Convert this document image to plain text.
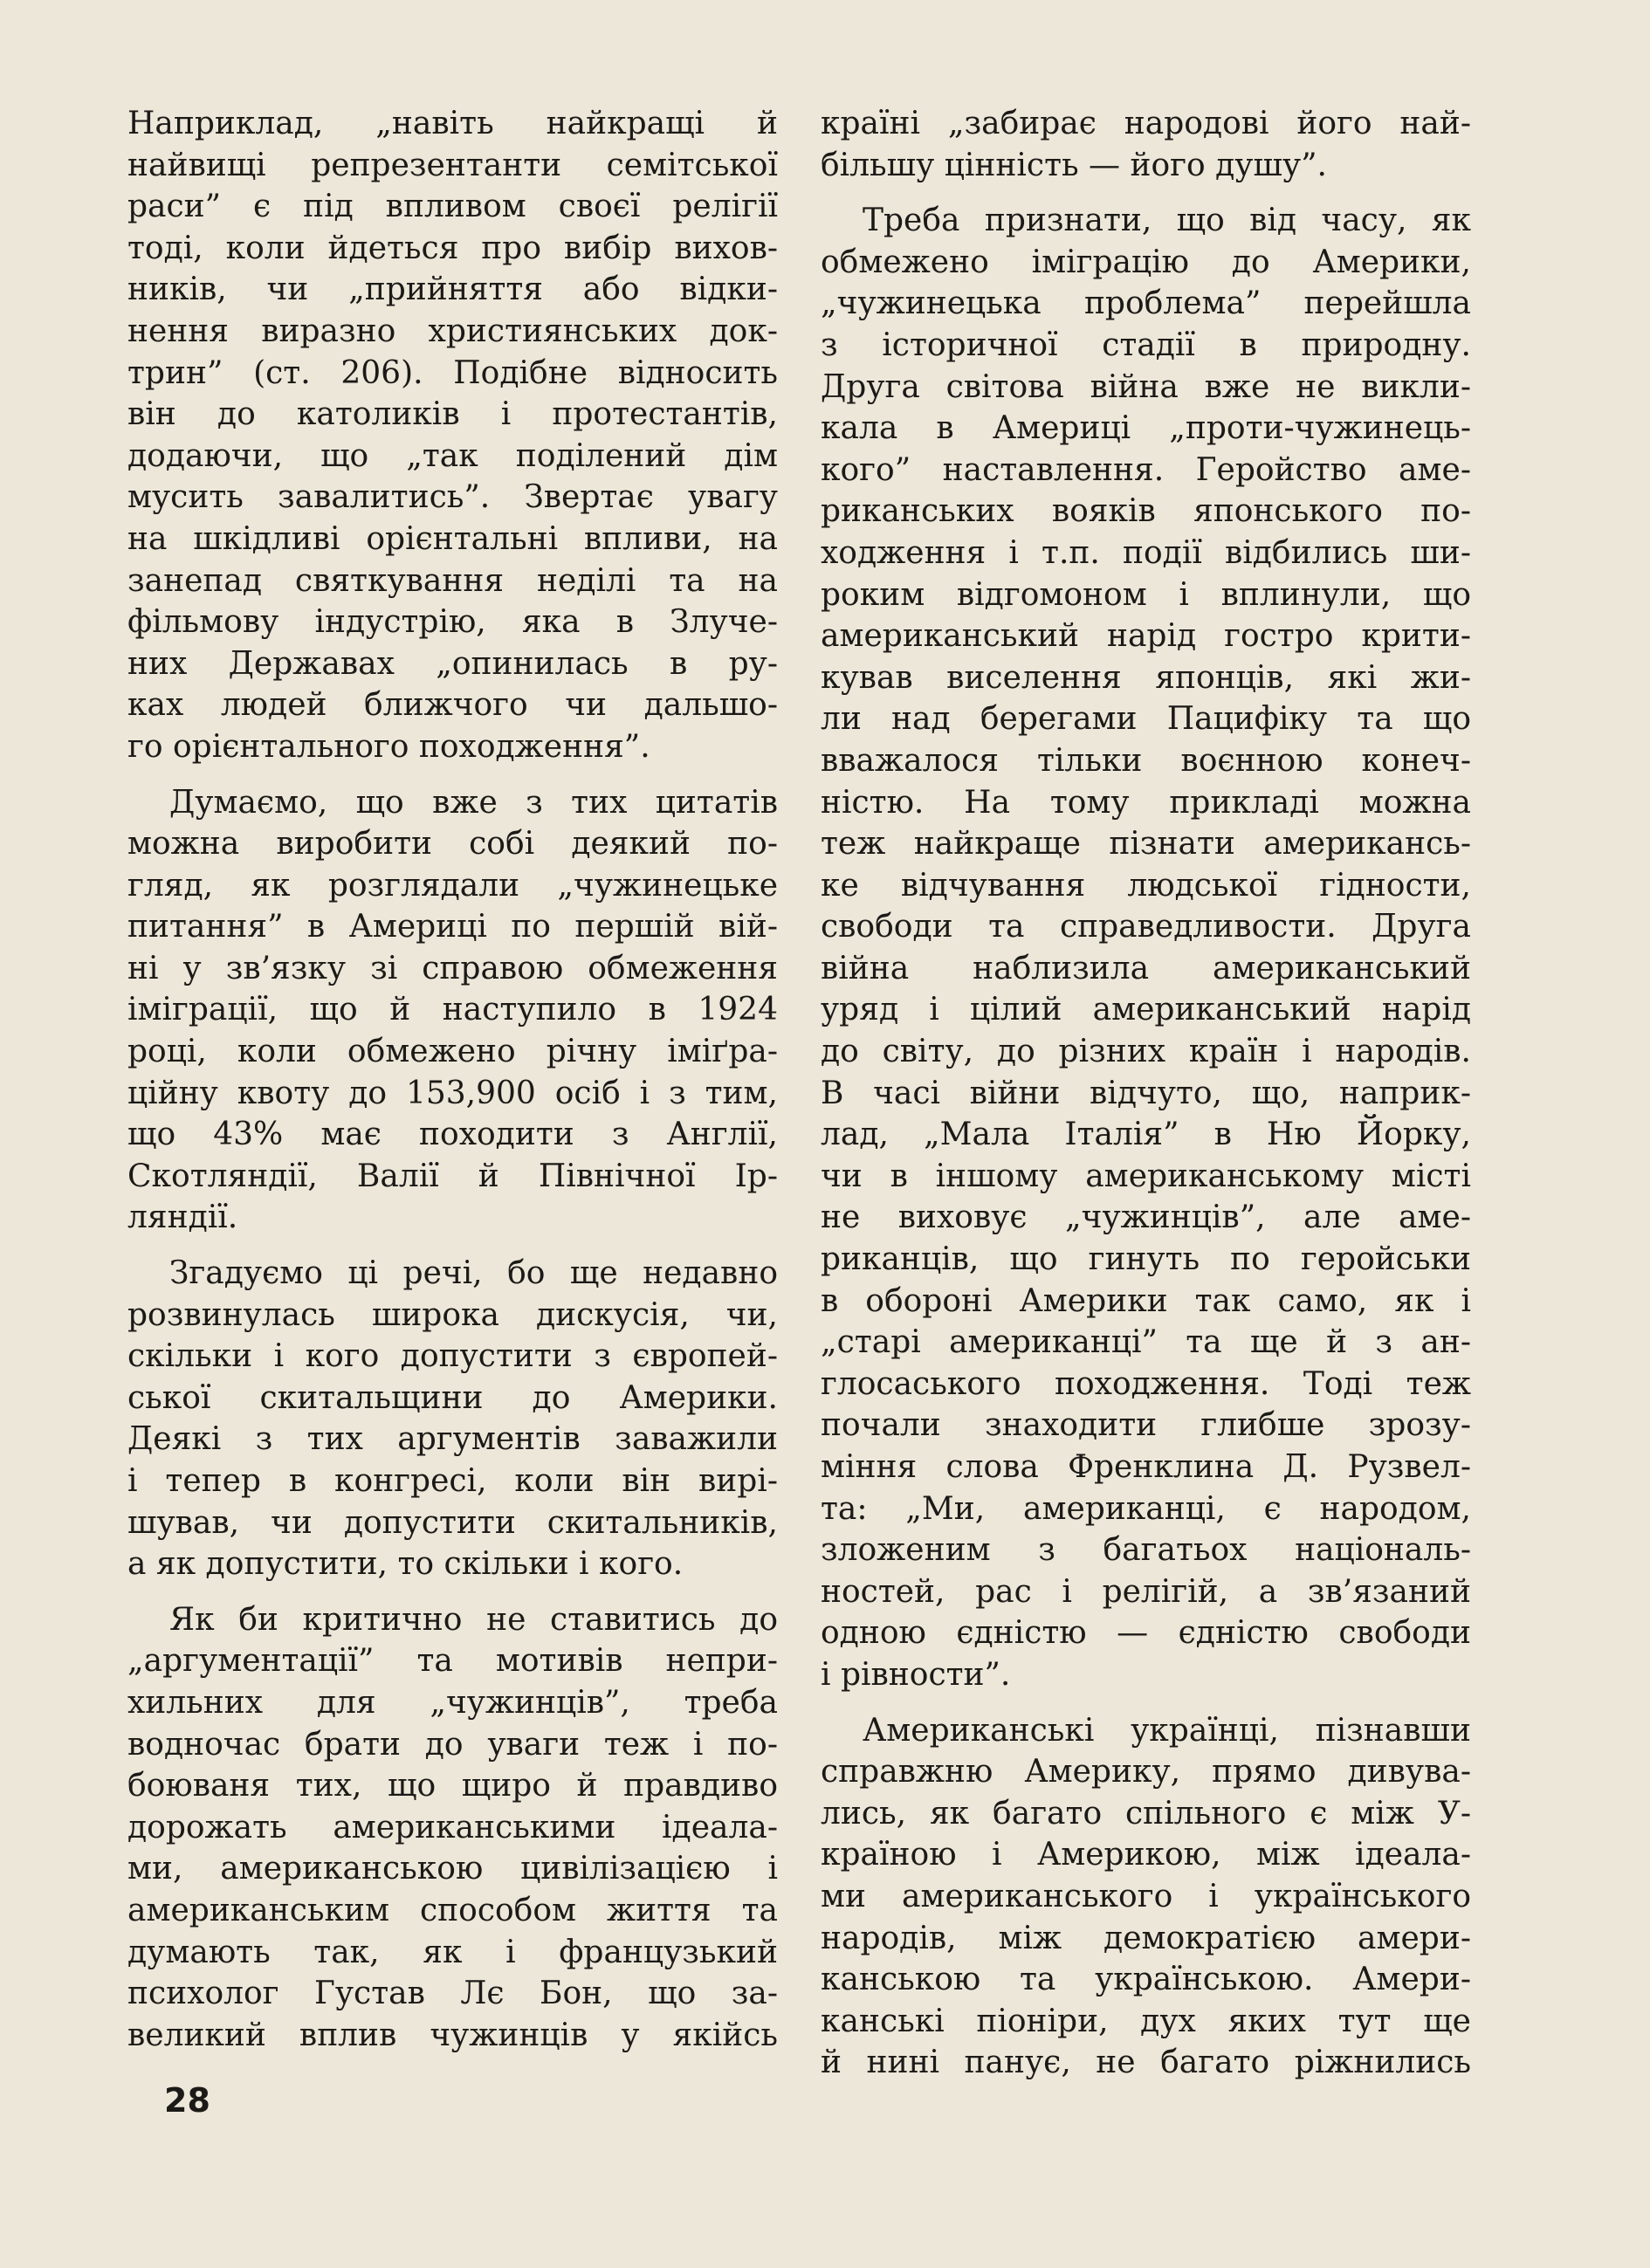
Наприклад, „навіть найкращі й
найвищі репрезентанти семітської
раси” є під впливом своєї релігії
тоді, коли йдеться про вибір вихов-
ників, чи „прийняття або відки-
нення виразно християнських док-
трин” (ст. 206). Подібне відносить
він до католиків і протестантів,
додаючи, що „так поділений дім
мусить завалитись”. Звертає увагу
на шкідливі орієнтальні впливи, на
занепад святкування неділі та на
фільмову індустрію, яка в Злуче-
них Державах „опинилась в ру-
ках людей ближчого чи дальшо-
го орієнтального походження”.

Думаємо, що вже з тих цитатів
можна виробити собі деякий по-
гляд, як розглядали „чужинецьке
питання” в Америці по першій вій-
ні у зв’язку зі справою обмеження
іміграції, що й наступило в 1924
році, коли обмежено річну іміґра-
ційну квоту до 153,900 осіб і з тим,
що 43% має походити з Англії,
Скотляндії, Валії й Північної Ір-
ляндії.

Згадуємо ці речі, бо ще недавно
розвинулась широка дискусія, чи,
скільки і кого допустити з європей-
ської скитальщини до Америки.
Деякі з тих аргументів заважили
і тепер в конгресі, коли він вирі-
шував, чи допустити скитальників,
а як допустити, то скільки і кого.

Як би критично не ставитись до
„аргументації” та мотивів непри-
хильних для „чужинців”, треба
водночас брати до уваги теж і по-
боюваня тих, що щиро й правдиво
дорожать американськими ідеала-
ми, американською цивілізацією і
американським способом життя та
думають так, як і французький
психолог Густав Лє Бон, що за-
великий вплив чужинців у якійсь

країні „забирає народові його най-
більшу цінність — його душу”.

Треба признати, що від часу, як
обмежено іміграцію до Америки,
„чужинецька проблема” перейшла
з історичної стадії в природну.
Друга світова війна вже не викли-
кала в Америці „проти-чужинець-
кого” наставлення. Геройство аме-
риканських вояків японського по-
ходження і т.п. події відбились ши-
роким відгомоном і вплинули, що
американський нарід гостро крити-
кував виселення японців, які жи-
ли над берегами Пацифіку та що
вважалося тільки воєнною конеч-
ністю. На тому прикладі можна
теж найкраще пізнати американсь-
ке відчування людської гідности,
свободи та справедливости. Друга
війна наблизила американський
уряд і цілий американський нарід
до світу, до різних країн і народів.
В часі війни відчуто, що, наприк-
лад, „Мала Італія” в Ню Йорку,
чи в іншому американському місті
не виховує „чужинців”, але аме-
риканців, що гинуть по геройськи
в обороні Америки так само, як і
„старі американці” та ще й з ан-
глосаського походження. Тоді теж
почали знаходити глибше зрозу-
міння слова Френклина Д. Рузвел-
та: „Ми, американці, є народом,
зложеним з багатьох національ-
ностей, рас і релігій, а зв’язаний
одною єдністю — єдністю свободи
і рівности”.

Американські українці, пізнавши
справжню Америку, прямо дивува-
лись, як багато спільного є між У-
країною і Америкою, між ідеала-
ми американського і українського
народів, між демократією амери-
канською та українською. Амери-
канські піоніри, дух яких тут ще
й нині панує, не багато ріжнились

28
